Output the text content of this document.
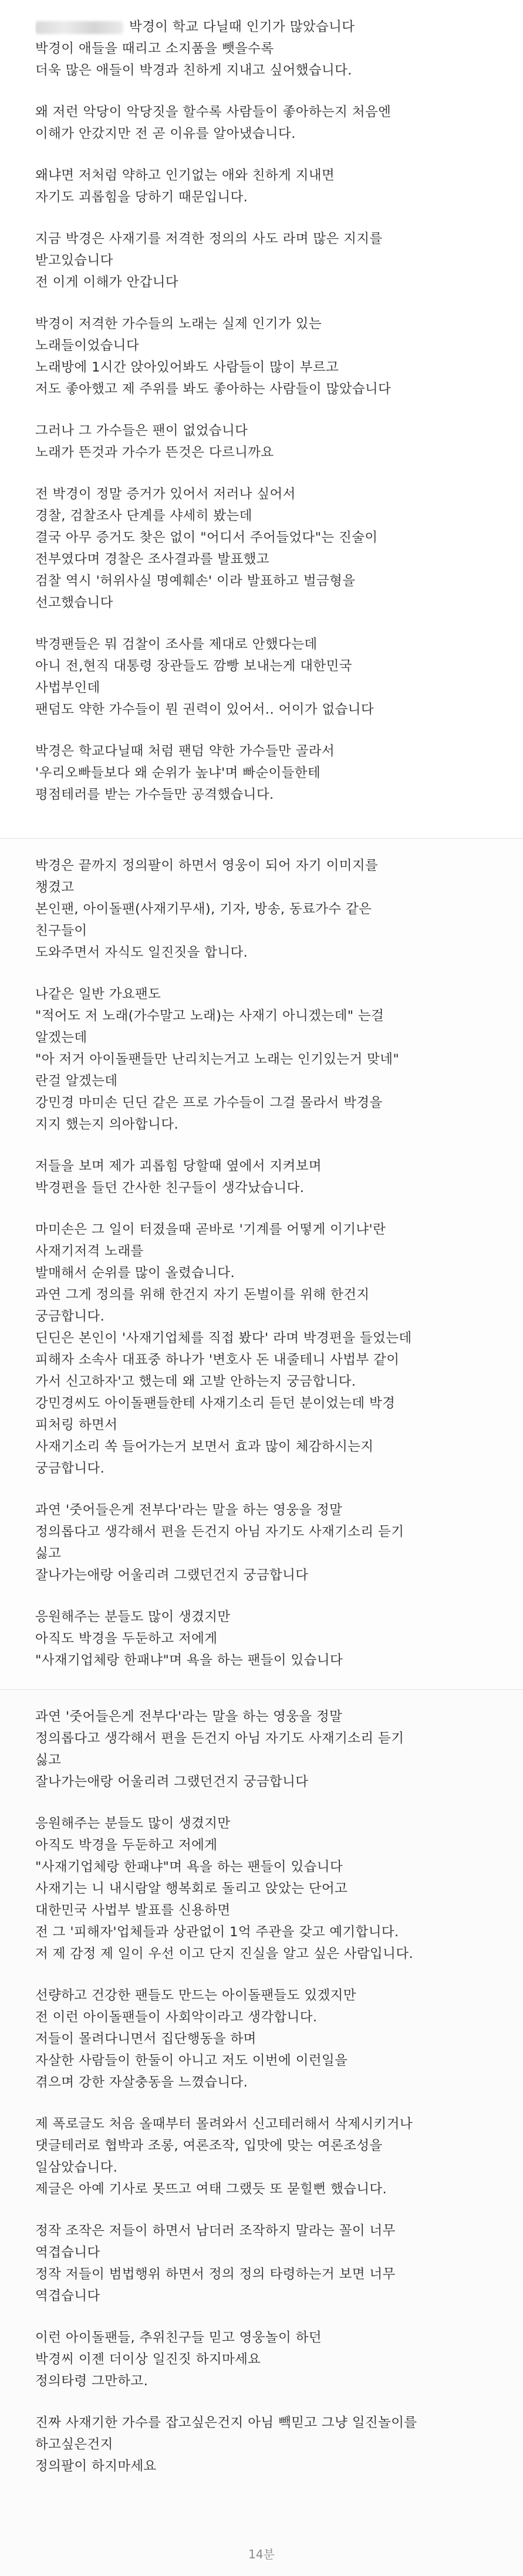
박경이 학교 다닐때 인기가 많았습니다
박경이 애들을 때리고 소지품을 뺏을수록
더욱 많은 애들이 박경과 친하게 지내고 싶어했습니다.
왜 저런 악당이 악당짓을 할수록 사람들이 좋아하는지 처음엔
이해가 안갔지만 전 곧 이유를 알아냈습니다.
왜냐면 저처럼 약하고 인기없는 애와 친하게 지내면
자기도 괴롭힘을 당하기 때문입니다.
지금 박경은 사재기를 저격한 정의의 사도 라며 많은 지지를
받고있습니다
전 이게 이해가 안갑니다
박경이 저격한 가수들의 노래는 실제 인기가 있는
노래들이었습니다
노래방에 1시간 앉아있어봐도 사람들이 많이 부르고
저도 좋아했고 제 주위를 봐도 좋아하는 사람들이 많았습니다
그러나 그 가수들은 팬이 없었습니다
노래가 뜬것과 가수가 뜬것은 다르니까요
전 박경이 정말 증거가 있어서 저러나 싶어서
경찰, 검찰조사 단계를 샤세히 봤는데
결국 아무 증거도 찾은 없이 "어디서 주어들었다"는 진술이
전부였다며 경찰은 조사결과를 발표했고
검찰 역시 '허위사실 명예훼손' 이라 발표하고 벌금형을
선고했습니다
박경팬들은 뭐 검찰이 조사를 제대로 안했다는데
아니 전,현직 대통령 장관들도 깜빵 보내는게 대한민국
사법부인데
팬덤도 약한 가수들이 뭔 권력이 있어서.. 어이가 없습니다
박경은 학교다닐때 처럼 팬덤 약한 가수들만 골라서
'우리오빠들보다 왜 순위가 높냐'며 빠순이들한테
평점테러를 받는 가수들만 공격했습니다.
박경은 끝까지 정의팔이 하면서 영웅이 되어 자기 이미지를
챙겼고
본인팬, 아이돌팬(사재기무새), 기자, 방송, 동료가수 같은
친구들이
도와주면서 자식도 일진짓을 합니다.
나같은 일반 가요팬도
"적어도 저 노래(가수말고 노래)는 사재기 아니겠는데" 는걸
알겠는데
"아 저거 아이돌팬들만 난리치는거고 노래는 인기있는거 맞네"
란걸 알겠는데
강민경 마미손 딘딘 같은 프로 가수들이 그걸 몰라서 박경을
지지 했는지 의아합니다.
저들을 보며 제가 괴롭힘 당할때 옆에서 지켜보며
박경편을 들던 간사한 친구들이 생각났습니다.
마미손은 그 일이 터졌을때 곧바로 '기계를 어떻게 이기냐'란
사재기저격 노래를
발매해서 순위를 많이 올렸습니다.
과연 그게 정의를 위해 한건지 자기 돈벌이를 위해 한건지
궁금합니다.
딘딘은 본인이 '사재기업체를 직접 봤다' 라며 박경편을 들었는데
피해자 소속사 대표중 하나가 '변호사 돈 내줄테니 사법부 같이
가서 신고하자'고 했는데 왜 고발 안하는지 궁금합니다.
강민경씨도 아이돌팬들한테 사재기소리 듣던 분이었는데 박경
피처링 하면서
사재기소리 쏙 들어가는거 보면서 효과 많이 체감하시는지
궁금합니다.
과연 '줏어들은게 전부다'라는 말을 하는 영웅을 정말
정의롭다고 생각해서 편을 든건지 아님 자기도 사재기소리 듣기
싫고
잘나가는애랑 어울리려 그랬던건지 궁금합니다
응원해주는 분들도 많이 생겼지만
아직도 박경을 두둔하고 저에게
"사재기업체랑 한패냐"며 욕을 하는 팬들이 있습니다
과연 '줏어들은게 전부다'라는 말을 하는 영웅을 정말
정의롭다고 생각해서 편을 든건지 아님 자기도 사재기소리 듣기
싫고
잘나가는애랑 어울리려 그랬던건지 궁금합니다
응원해주는 분들도 많이 생겼지만
아직도 박경을 두둔하고 저에게
"사재기업체랑 한패냐"며 욕을 하는 팬들이 있습니다
사재기는 니 내시람알 행복회로 돌리고 앉았는 단어고
대한민국 사법부 발표를 신용하면
전 그 '피해자'업체들과 상관없이 1억 주관을 갖고 예기합니다.
저 제 감정 제 일이 우선 이고 단지 진실을 알고 싶은 사람입니다.
선량하고 건강한 팬들도 만드는 아이돌팬들도 있겠지만
전 이런 아이돌팬들이 사회악이라고 생각합니다.
저들이 몰려다니면서 집단행동을 하며
자살한 사람들이 한둘이 아니고 저도 이번에 이런일을
겪으며 강한 자살충동을 느꼈습니다.
제 폭로글도 처음 올때부터 몰려와서 신고테러해서 삭제시키거나
댓글테러로 협박과 조롱, 여론조작, 입맛에 맞는 여론조성을
일삼았습니다.
제글은 아예 기사로 못뜨고 여태 그랬듯 또 묻힐뻔 했습니다.
정작 조작은 저들이 하면서 남더러 조작하지 말라는 꼴이 너무
역겹습니다
정작 저들이 범법행위 하면서 정의 정의 타령하는거 보면 너무
역겹습니다
이런 아이돌팬들, 추위친구들 믿고 영웅놀이 하던
박경씨 이젠 더이상 일진짓 하지마세요
정의타령 그만하고.
진짜 사재기한 가수를 잡고싶은건지 아님 빽믿고 그냥 일진놀이를
하고싶은건지
정의팔이 하지마세요
14분
